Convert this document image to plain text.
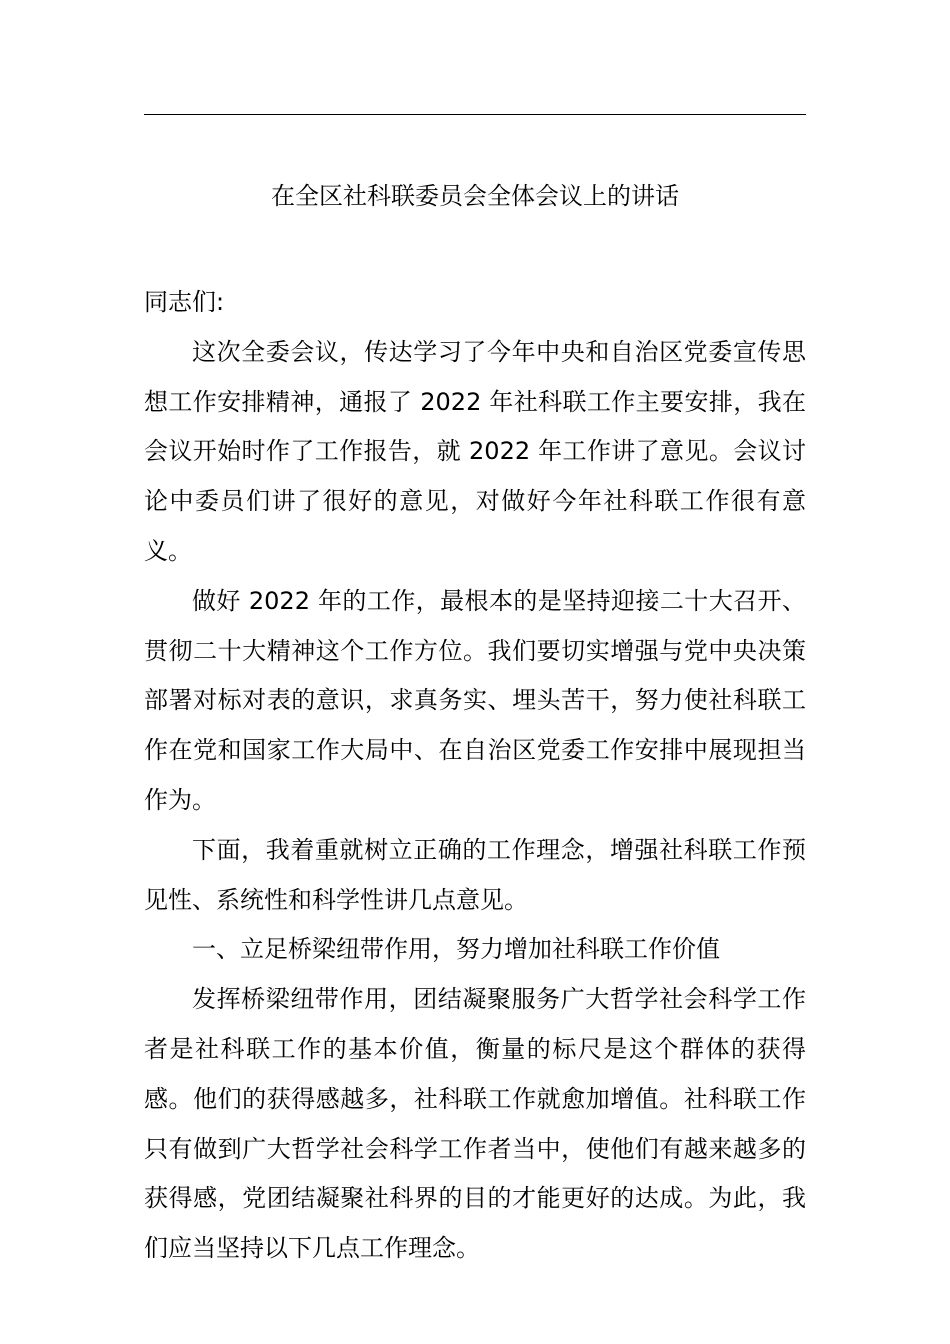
在全区社科联委员会全体会议上的讲话

同志们:

这次全委会议，传达学习了今年中央和自治区党委宣传思想工作安排精神，通报了 2022 年社科联工作主要安排，我在会议开始时作了工作报告，就 2022 年工作讲了意见。会议讨论中委员们讲了很好的意见，对做好今年社科联工作很有意义。

做好 2022 年的工作，最根本的是坚持迎接二十大召开、贯彻二十大精神这个工作方位。我们要切实增强与党中央决策部署对标对表的意识，求真务实、埋头苦干，努力使社科联工作在党和国家工作大局中、在自治区党委工作安排中展现担当作为。

下面，我着重就树立正确的工作理念，增强社科联工作预见性、系统性和科学性讲几点意见。

一、立足桥梁纽带作用，努力增加社科联工作价值

发挥桥梁纽带作用，团结凝聚服务广大哲学社会科学工作者是社科联工作的基本价值，衡量的标尺是这个群体的获得感。他们的获得感越多，社科联工作就愈加增值。社科联工作只有做到广大哲学社会科学工作者当中，使他们有越来越多的获得感，党团结凝聚社科界的目的才能更好的达成。为此，我们应当坚持以下几点工作理念。
